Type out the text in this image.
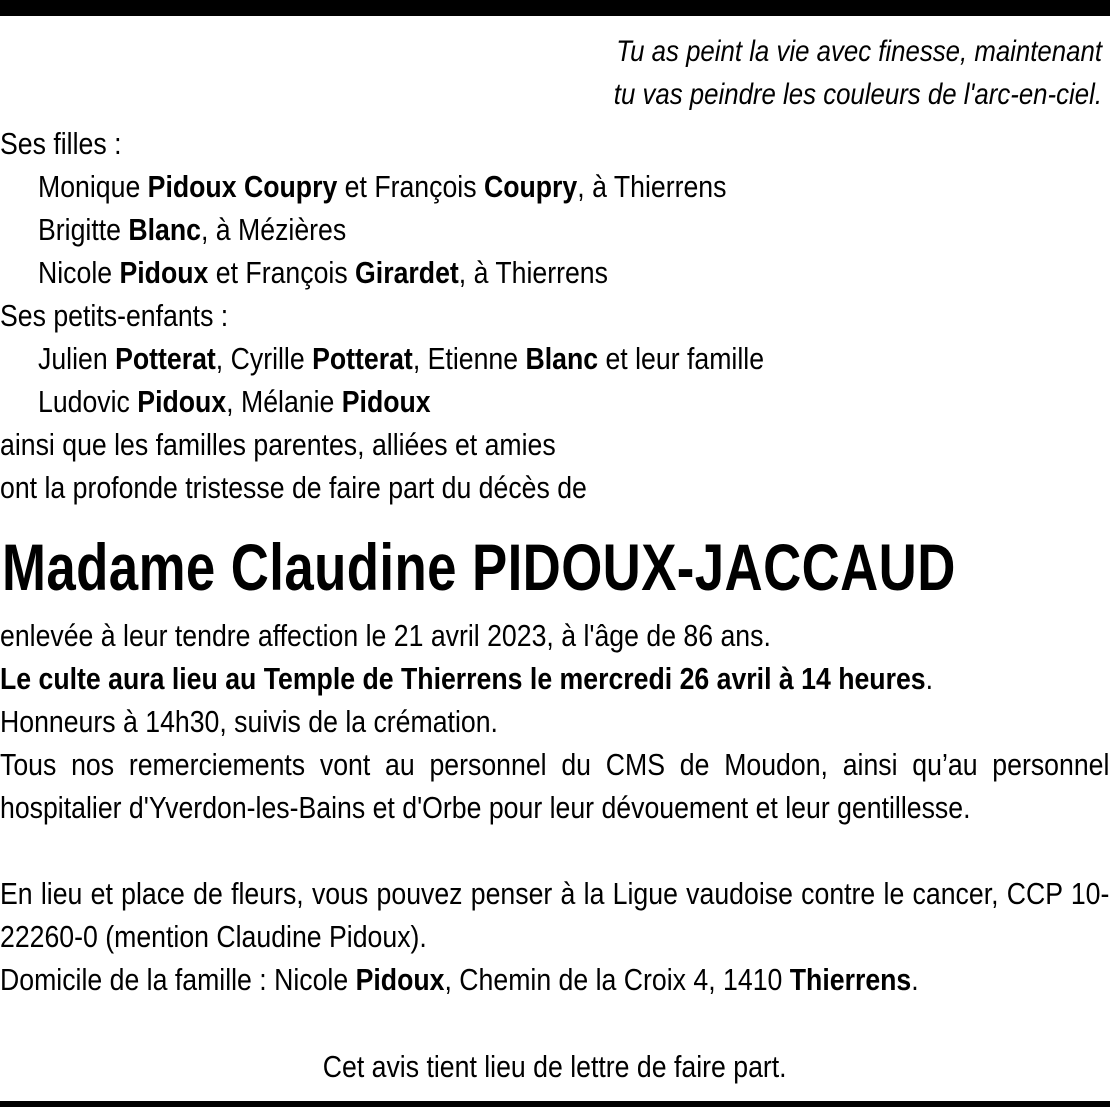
Tu as peint la vie avec finesse, maintenant
tu vas peindre les couleurs de l'arc-en-ciel.
Ses filles :
Monique Pidoux Coupry et François Coupry, à Thierrens
Brigitte Blanc, à Mézières
Nicole Pidoux et François Girardet, à Thierrens
Ses petits-enfants :
Julien Potterat, Cyrille Potterat, Etienne Blanc et leur famille
Ludovic Pidoux, Mélanie Pidoux
ainsi que les familles parentes, alliées et amies
ont la profonde tristesse de faire part du décès de
Madame Claudine PIDOUX-JACCAUD
enlevée à leur tendre affection le 21 avril 2023, à l'âge de 86 ans.
Le culte aura lieu au Temple de Thierrens le mercredi 26 avril à 14 heures.
Honneurs à 14h30, suivis de la crémation.
Tous nos remerciements vont au personnel du CMS de Moudon, ainsi qu’au personnel hospitalier d'Yverdon-les-Bains et d'Orbe pour leur dévouement et leur gentillesse.
En lieu et place de fleurs, vous pouvez penser à la Ligue vaudoise contre le cancer, CCP 10-22260-0 (mention Claudine Pidoux).
Domicile de la famille : Nicole Pidoux, Chemin de la Croix 4, 1410 Thierrens.
Cet avis tient lieu de lettre de faire part.
